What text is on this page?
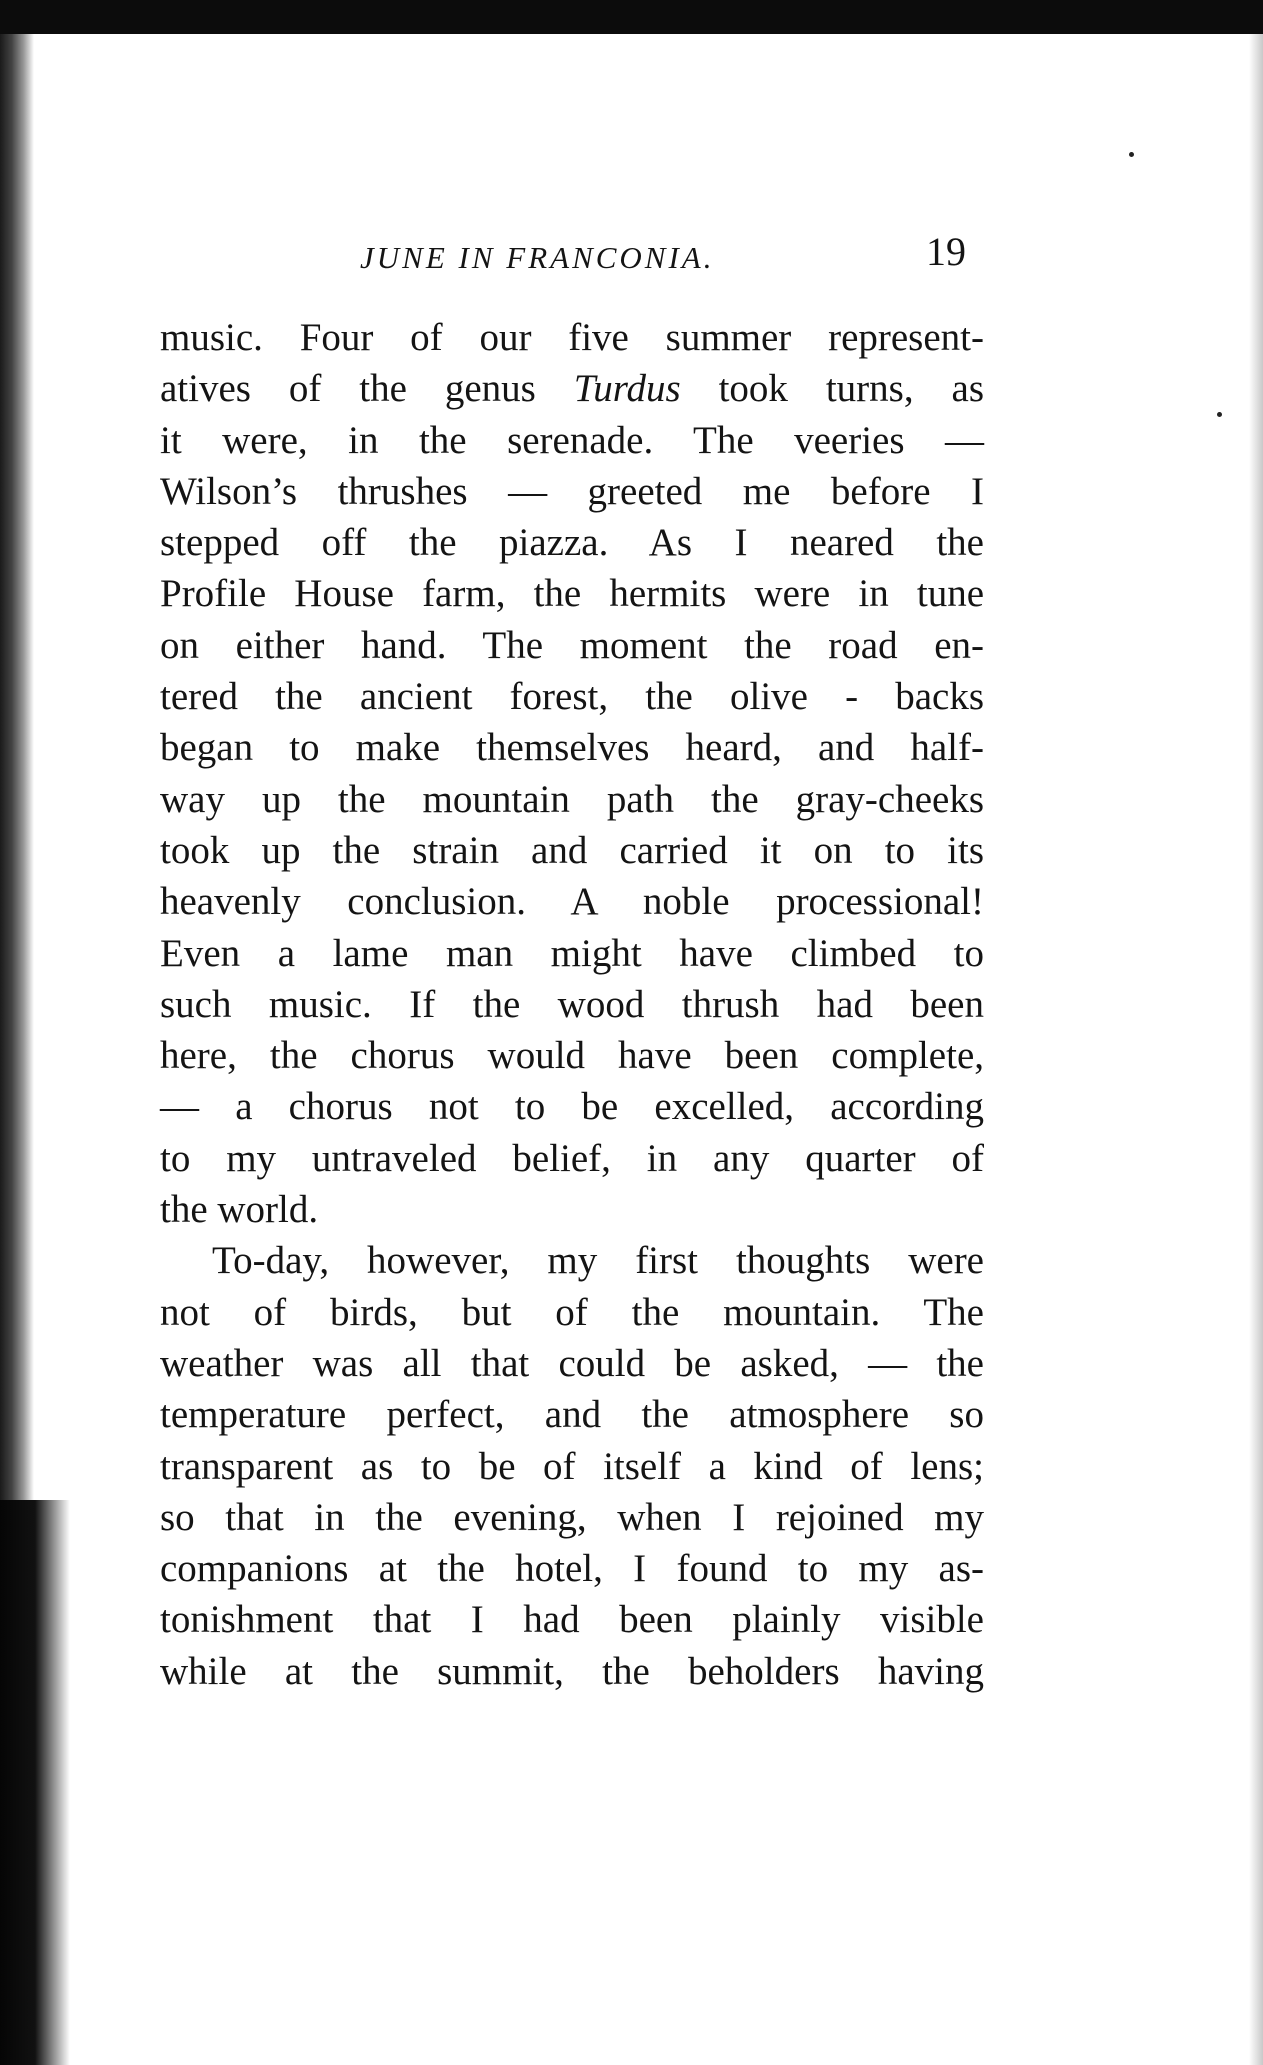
JUNE IN FRANCONIA.	19
music. Four of our five summer represent-
atives of the genus Turdus took turns, as
it were, in the serenade. The veeries —
Wilson’s thrushes — greeted me before I
stepped off the piazza. As I neared the
Profile House farm, the hermits were in tune
on either hand. The moment the road en-
tered the ancient forest, the olive - backs
began to make themselves heard, and half-
way up the mountain path the gray-cheeks
took up the strain and carried it on to its
heavenly conclusion. A noble processional!
Even a lame man might have climbed to
such music. If the wood thrush had been
here, the chorus would have been complete,
— a chorus not to be excelled, according
to my untraveled belief, in any quarter of
the world.
To-day, however, my first thoughts were
not of birds, but of the mountain. The
weather was all that could be asked, — the
temperature perfect, and the atmosphere so
transparent as to be of itself a kind of lens;
so that in the evening, when I rejoined my
companions at the hotel, I found to my as-
tonishment that I had been plainly visible
while at the summit, the beholders having
